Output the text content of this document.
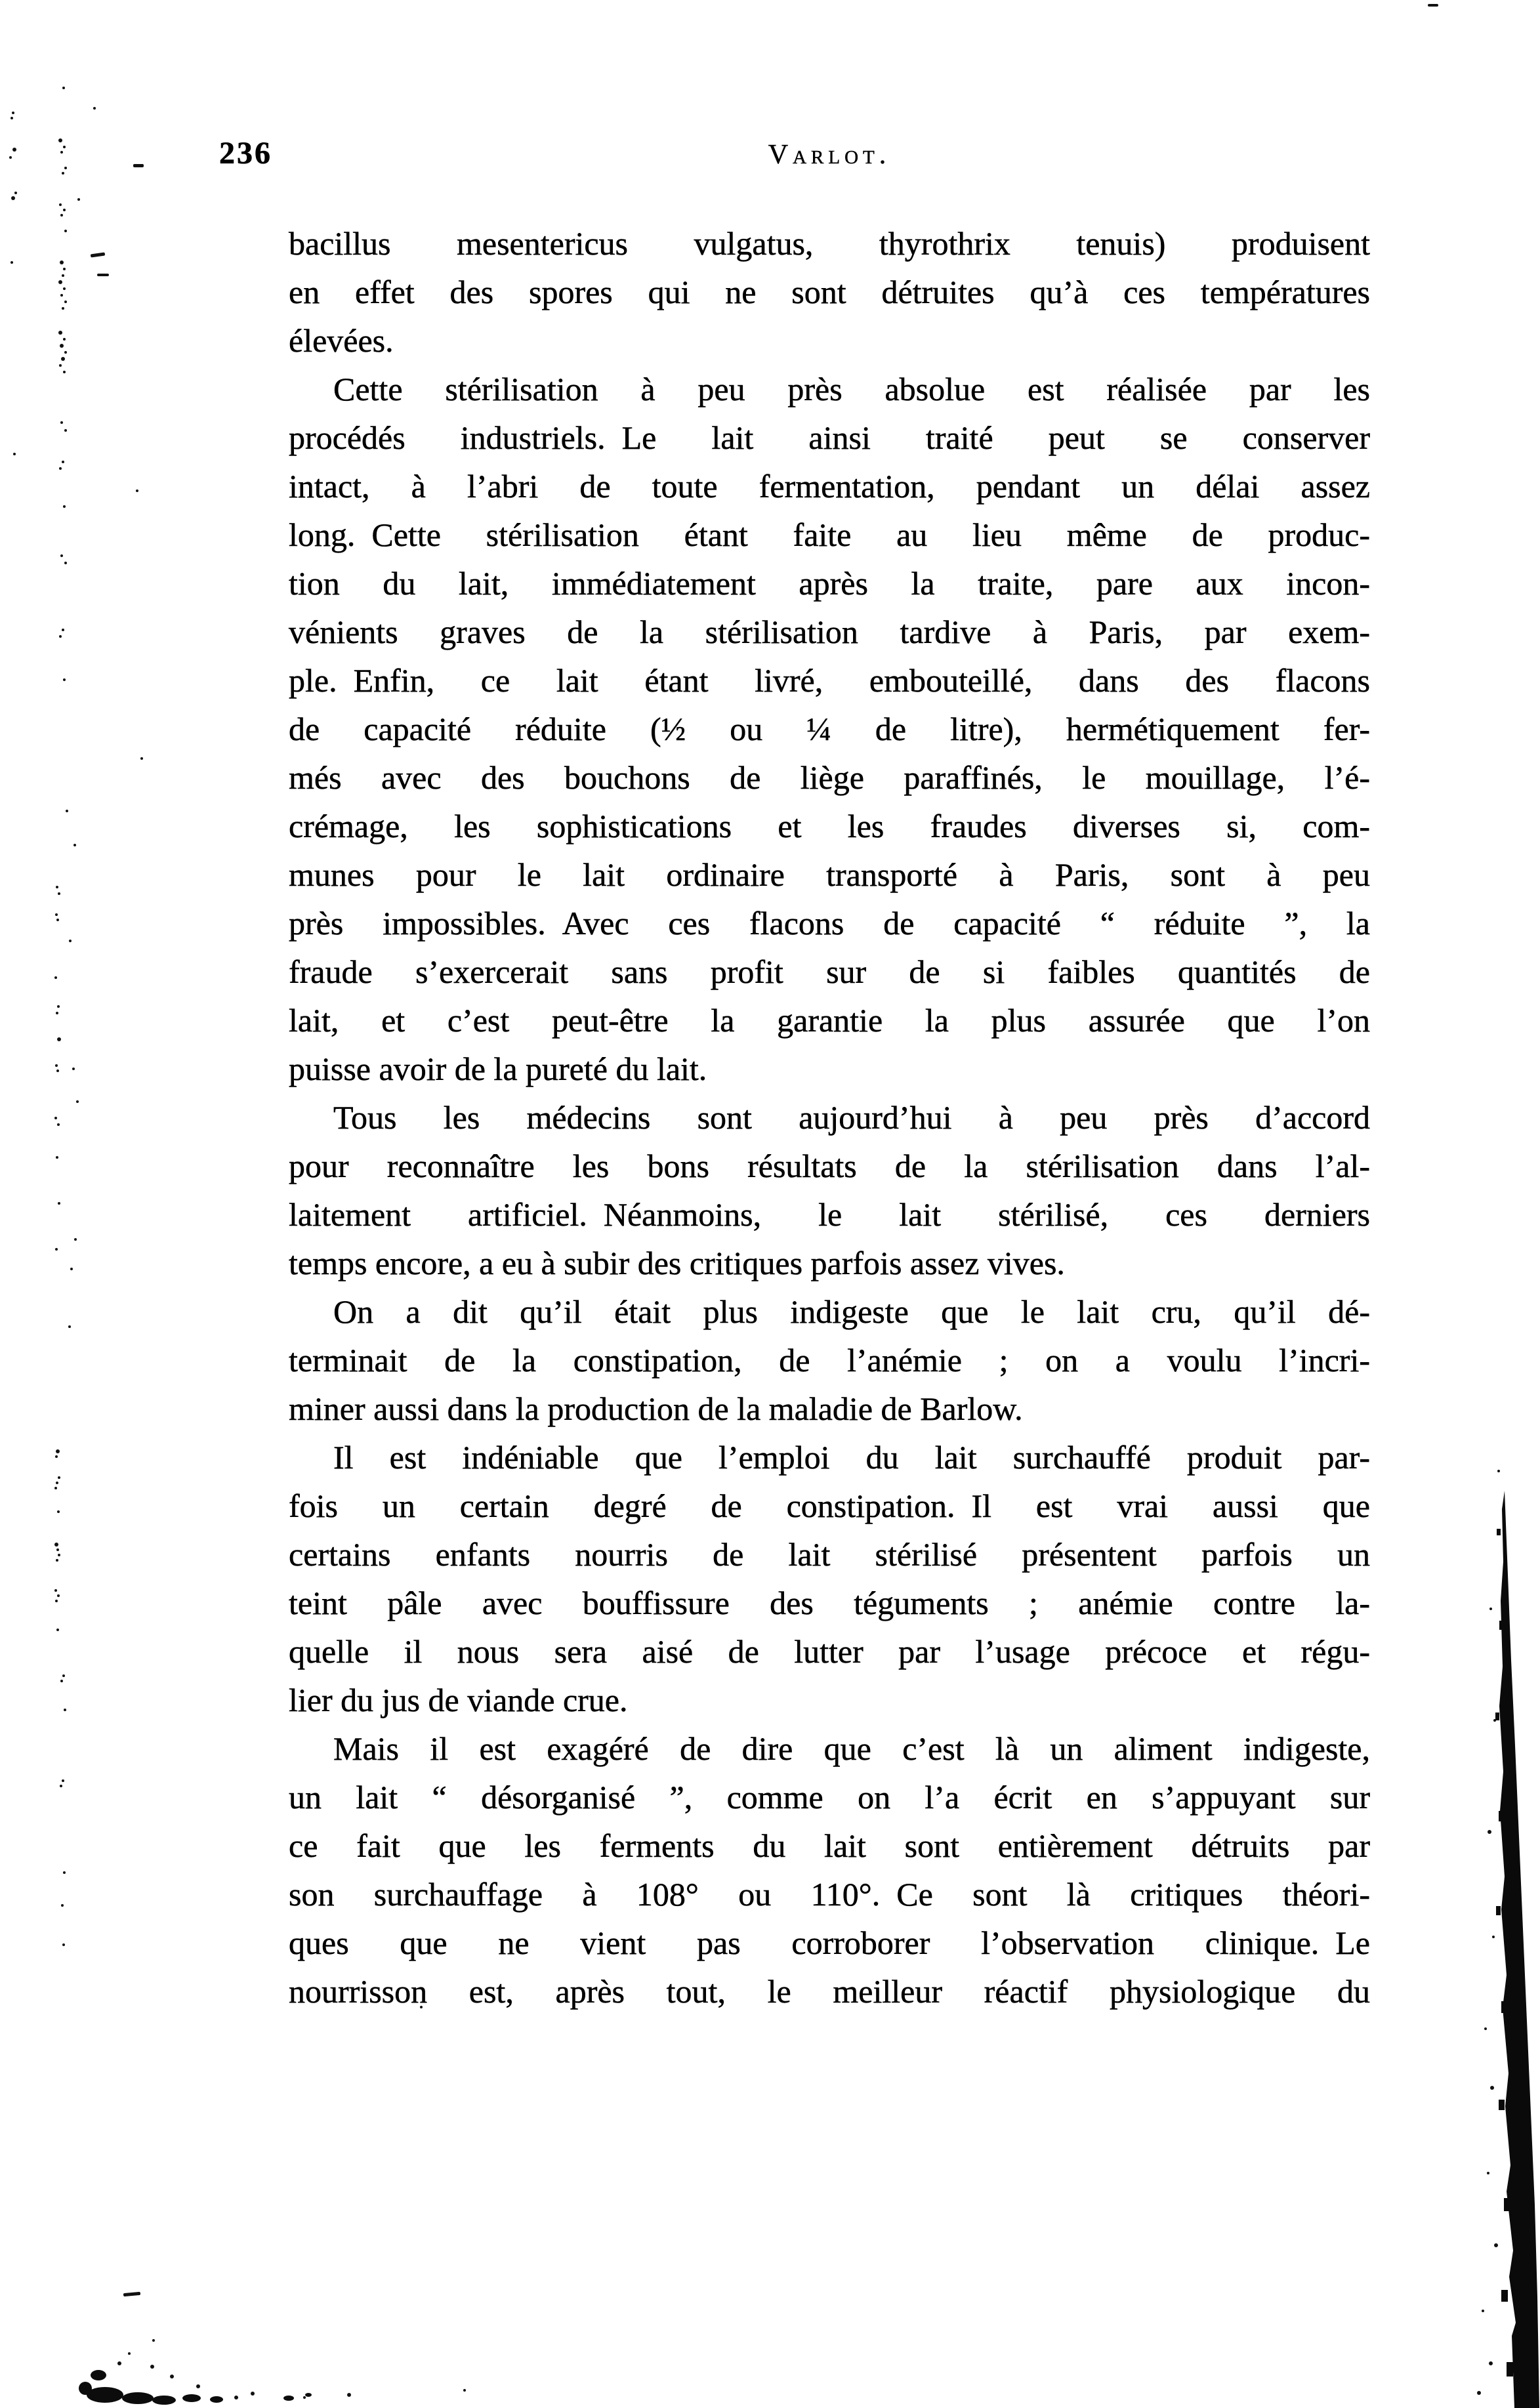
236	Varlot.
bacillus mesentericus vulgatus, thyrothrix tenuis) produisent
en effet des spores qui ne sont détruites qu’à ces températures
élevées.
Cette stérilisation à peu près absolue est réalisée par les
procédés industriels. Le lait ainsi traité peut se conserver
intact, à l’abri de toute fermentation, pendant un délai assez
long. Cette stérilisation étant faite au lieu même de produc-
tion du lait, immédiatement après la traite, pare aux incon-
vénients graves de la stérilisation tardive à Paris, par exem-
ple. Enfin, ce lait étant livré, embouteillé, dans des flacons
de capacité réduite (½ ou ¼ de litre), hermétiquement fer-
més avec des bouchons de liège paraffinés, le mouillage, l’é-
crémage, les sophistications et les fraudes diverses si, com-
munes pour le lait ordinaire transporté à Paris, sont à peu
près impossibles. Avec ces flacons de capacité “ réduite ”, la
fraude s’exercerait sans profit sur de si faibles quantités de
lait, et c’est peut-être la garantie la plus assurée que l’on
puisse avoir de la pureté du lait.
Tous les médecins sont aujourd’hui à peu près d’accord
pour reconnaître les bons résultats de la stérilisation dans l’al-
laitement artificiel. Néanmoins, le lait stérilisé, ces derniers
temps encore, a eu à subir des critiques parfois assez vives.
On a dit qu’il était plus indigeste que le lait cru, qu’il dé-
terminait de la constipation, de l’anémie ; on a voulu l’incri-
miner aussi dans la production de la maladie de Barlow.
Il est indéniable que l’emploi du lait surchauffé produit par-
fois un certain degré de constipation. Il est vrai aussi que
certains enfants nourris de lait stérilisé présentent parfois un
teint pâle avec bouffissure des téguments ; anémie contre la-
quelle il nous sera aisé de lutter par l’usage précoce et régu-
lier du jus de viande crue.
Mais il est exagéré de dire que c’est là un aliment indigeste,
un lait “ désorganisé ”, comme on l’a écrit en s’appuyant sur
ce fait que les ferments du lait sont entièrement détruits par
son surchauffage à 108° ou 110°. Ce sont là critiques théori-
ques que ne vient pas corroborer l’observation clinique. Le
nourrisson est, après tout, le meilleur réactif physiologique du
